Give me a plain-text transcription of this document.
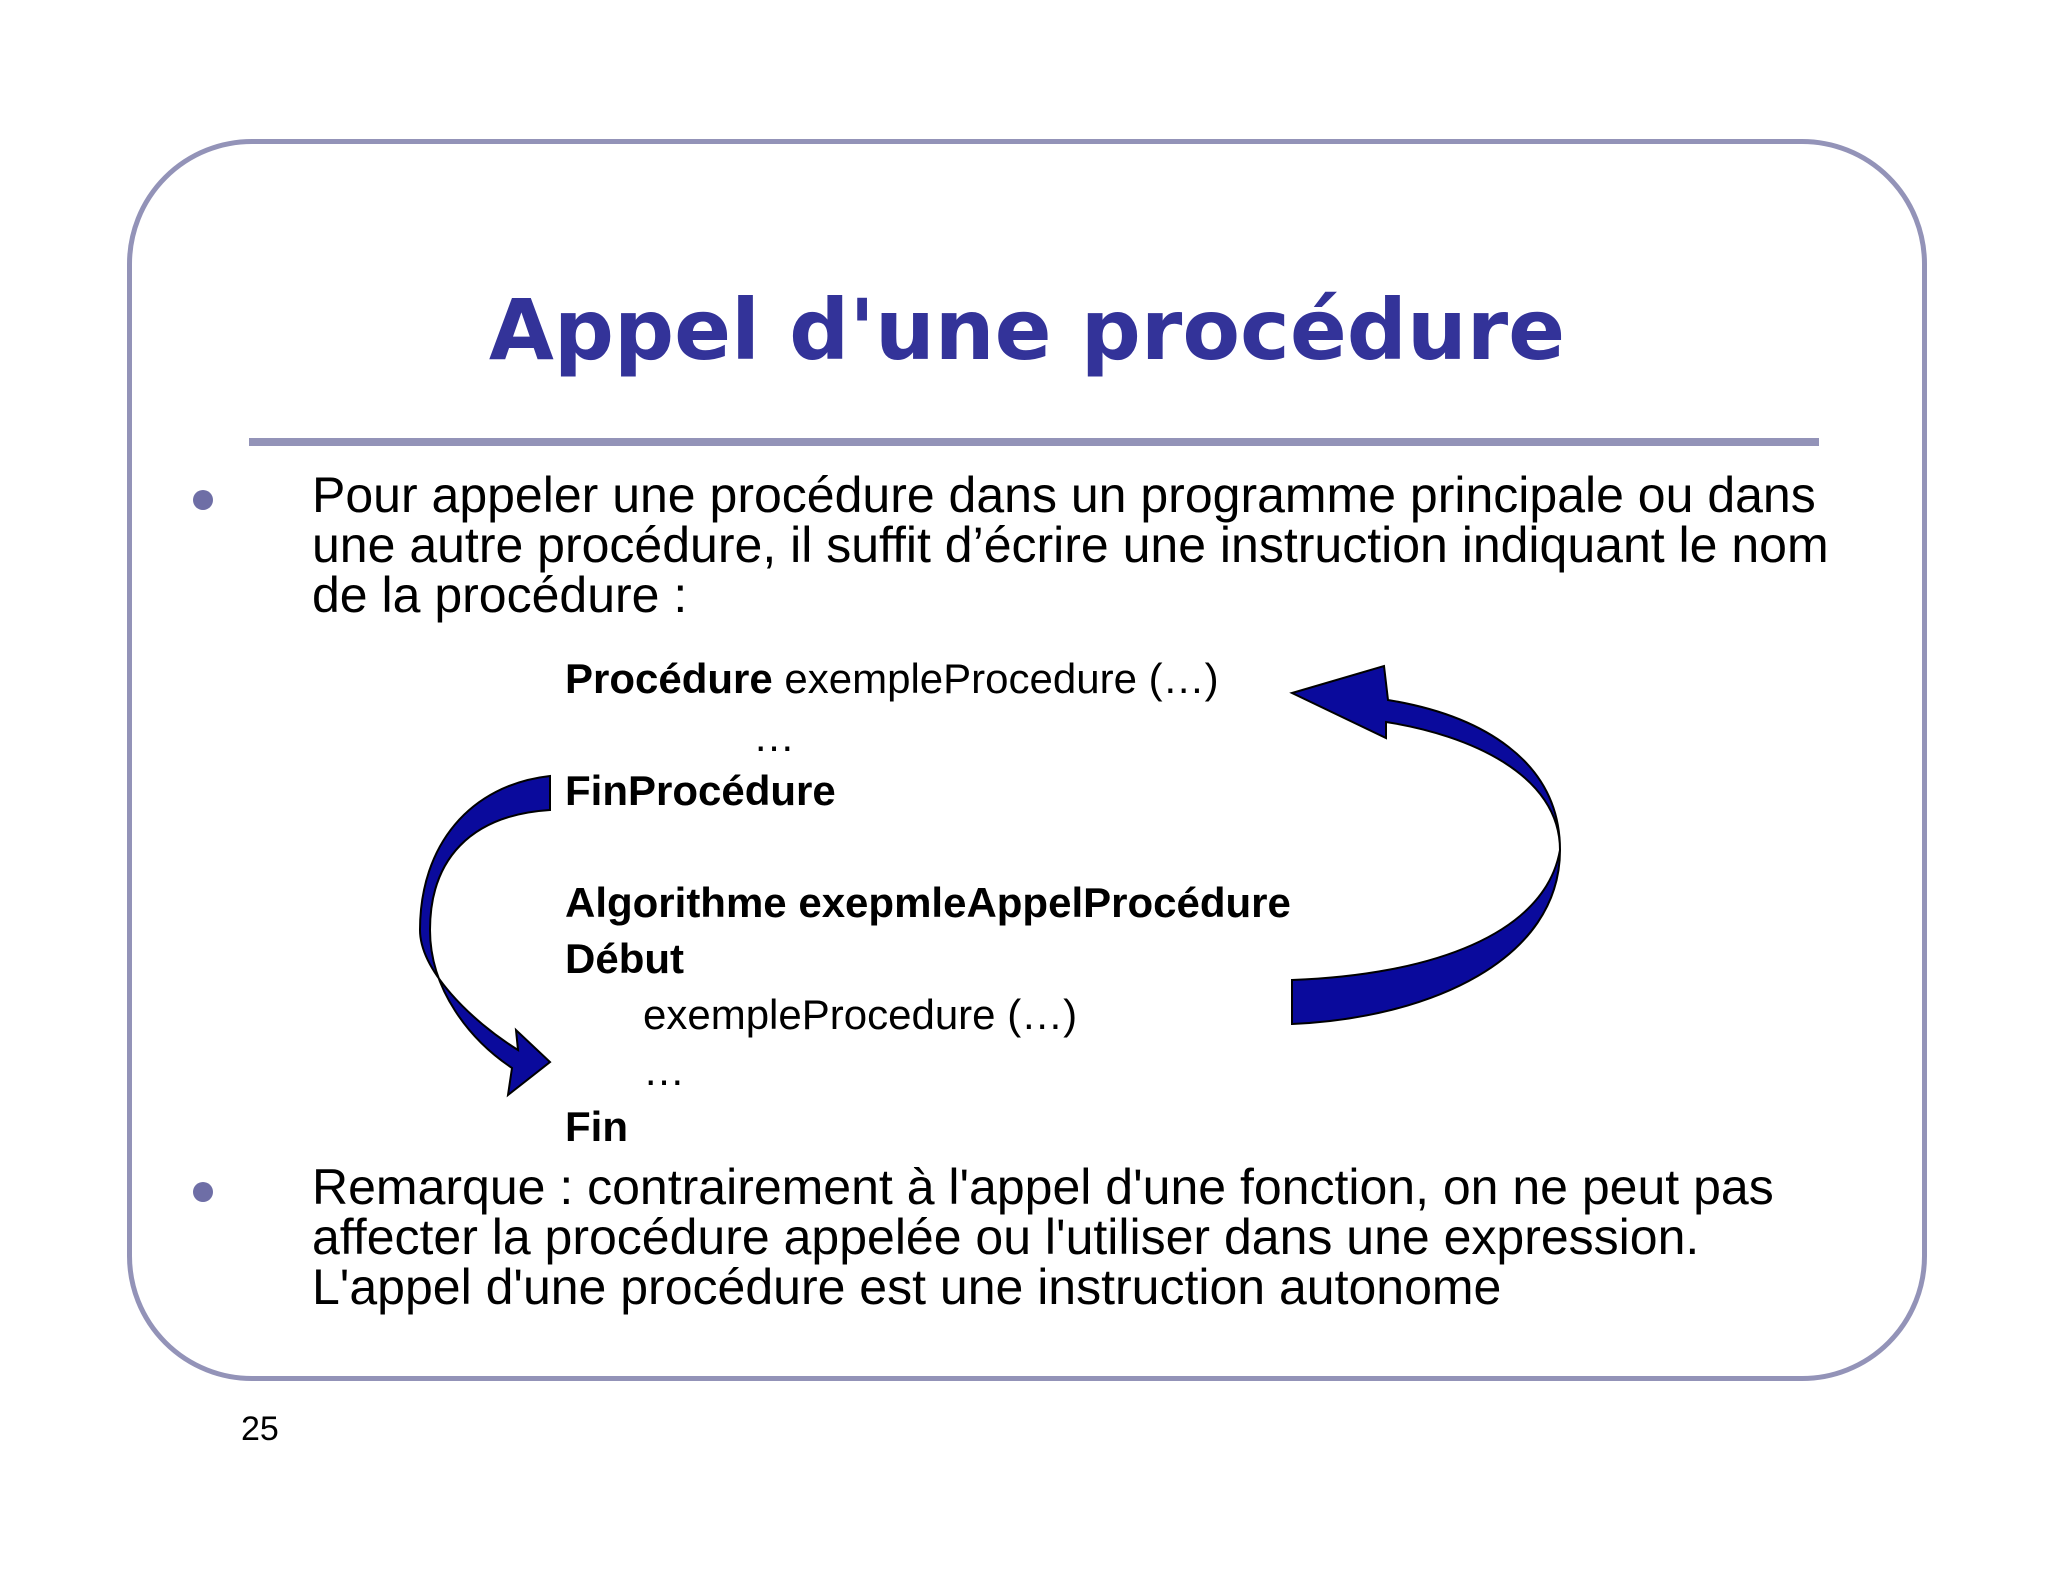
Appel d'une procédure

Pour appeler une procédure dans un programme principale ou dans une autre procédure, il suffit d’écrire une instruction indiquant le nom de la procédure :

Procédure exempleProcedure (…)
…
FinProcédure
Algorithme exepmleAppelProcédure
Début
exempleProcedure (…)
…
Fin

Remarque : contrairement à l'appel d'une fonction, on ne peut pas affecter la procédure appelée ou l'utiliser dans une expression. L'appel d'une procédure est une instruction autonome

25
